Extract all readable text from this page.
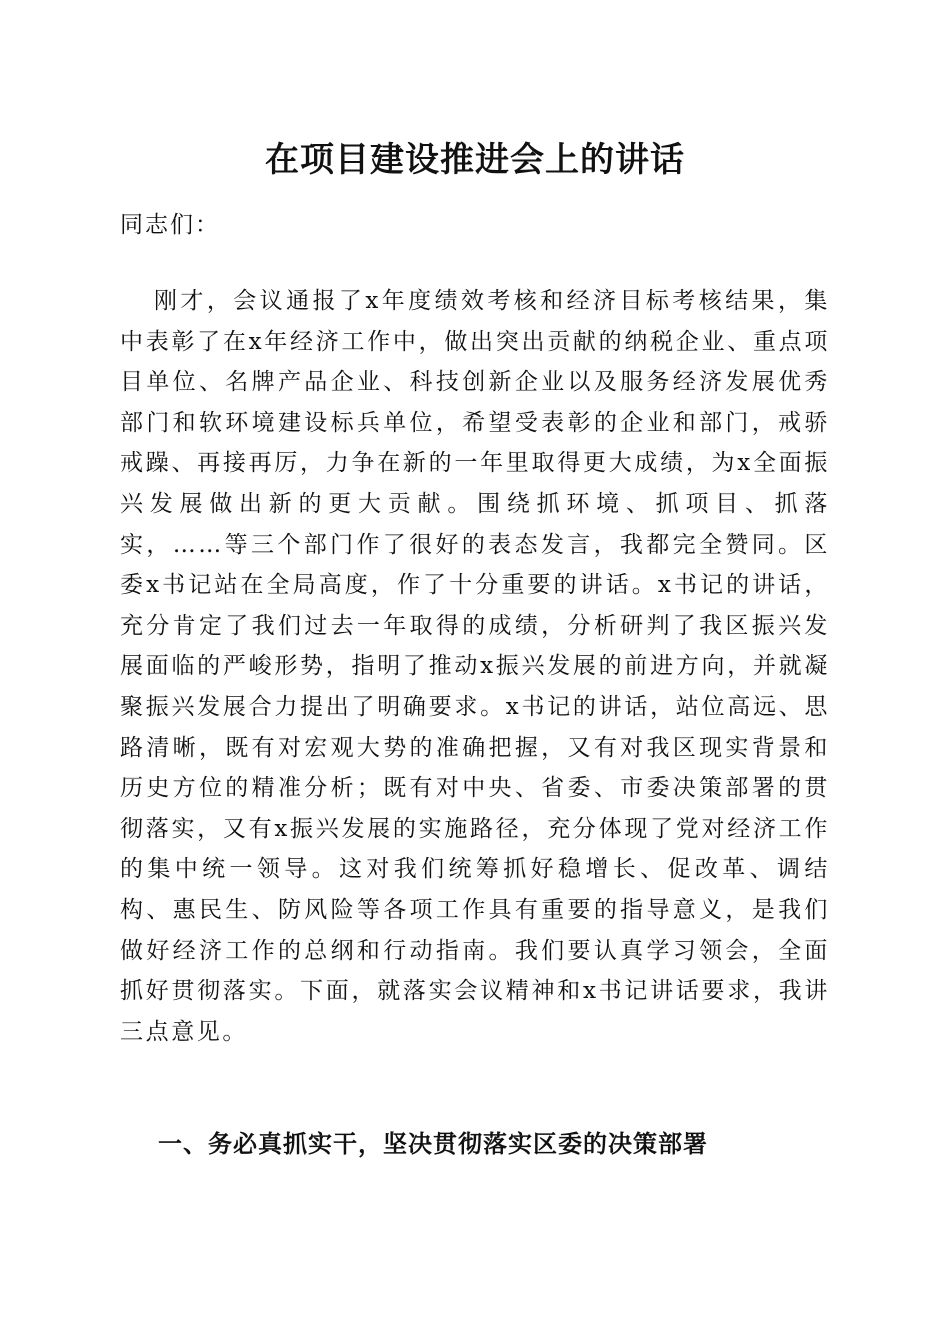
在项目建设推进会上的讲话
同志们：

刚才，会议通报了x年度绩效考核和经济目标考核结果，集中表彰了在x年经济工作中，做出突出贡献的纳税企业、重点项目单位、名牌产品企业、科技创新企业以及服务经济发展优秀部门和软环境建设标兵单位，希望受表彰的企业和部门，戒骄戒躁、再接再厉，力争在新的一年里取得更大成绩，为x全面振兴发展做出新的更大贡献。围绕抓环境、抓项目、抓落实，……等三个部门作了很好的表态发言，我都完全赞同。区委x书记站在全局高度，作了十分重要的讲话。x书记的讲话，充分肯定了我们过去一年取得的成绩，分析研判了我区振兴发展面临的严峻形势，指明了推动x振兴发展的前进方向，并就凝聚振兴发展合力提出了明确要求。x书记的讲话，站位高远、思路清晰，既有对宏观大势的准确把握，又有对我区现实背景和历史方位的精准分析；既有对中央、省委、市委决策部署的贯彻落实，又有x振兴发展的实施路径，充分体现了党对经济工作的集中统一领导。这对我们统筹抓好稳增长、促改革、调结构、惠民生、防风险等各项工作具有重要的指导意义，是我们做好经济工作的总纲和行动指南。我们要认真学习领会，全面抓好贯彻落实。下面，就落实会议精神和x书记讲话要求，我讲三点意见。

一、务必真抓实干，坚决贯彻落实区委的决策部署
